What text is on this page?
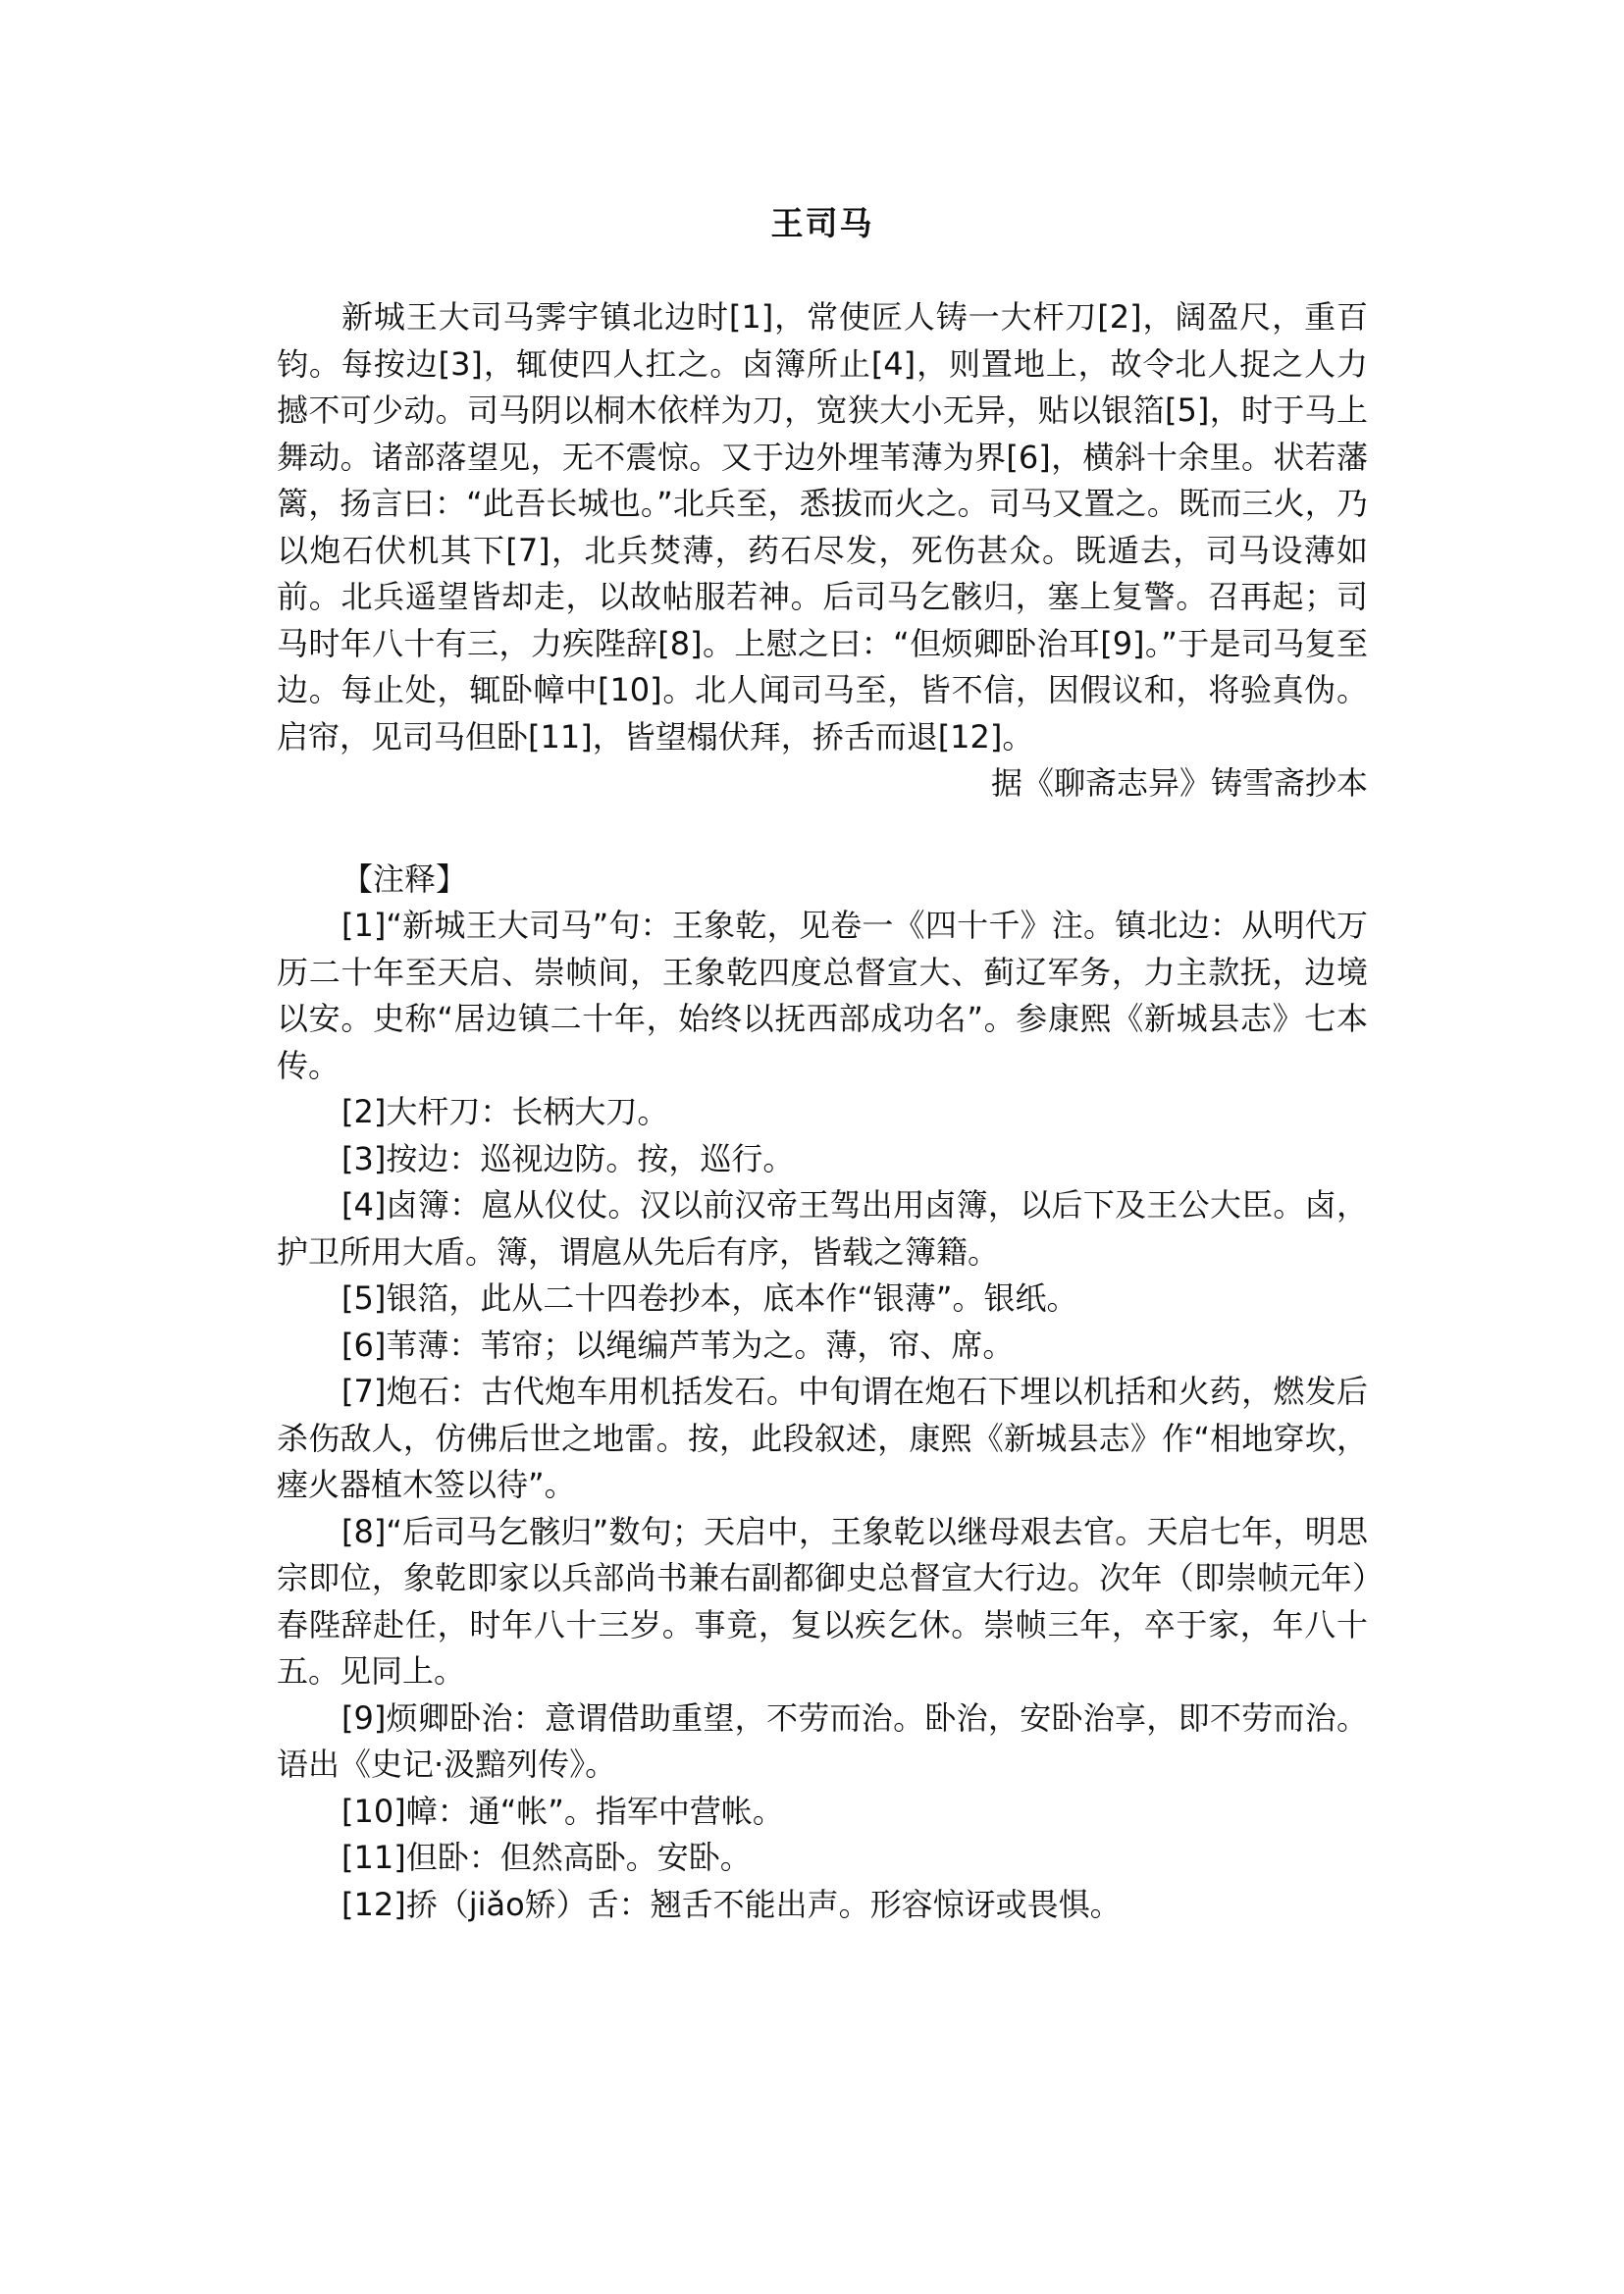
王司马

新城王大司马霁宇镇北边时[1]，常使匠人铸一大杆刀[2]，阔盈尺，重百钧。每按边[3]，辄使四人扛之。卤簿所止[4]，则置地上，故令北人捉之人力撼不可少动。司马阴以桐木依样为刀，宽狭大小无异，贴以银箔[5]，时于马上舞动。诸部落望见，无不震惊。又于边外埋苇薄为界[6]，横斜十余里。状若藩篱，扬言曰：“此吾长城也。”北兵至，悉拔而火之。司马又置之。既而三火，乃以炮石伏机其下[7]，北兵焚薄，药石尽发，死伤甚众。既遁去，司马设薄如前。北兵遥望皆却走，以故帖服若神。后司马乞骸归，塞上复警。召再起；司马时年八十有三，力疾陛辞[8]。上慰之曰：“但烦卿卧治耳[9]。”于是司马复至边。每止处，辄卧幛中[10]。北人闻司马至，皆不信，因假议和，将验真伪。启帘，见司马但卧[11]，皆望榻伏拜，挢舌而退[12]。

据《聊斋志异》铸雪斋抄本

【注释】

[1]“新城王大司马”句：王象乾，见卷一《四十千》注。镇北边：从明代万历二十年至天启、崇帧间，王象乾四度总督宣大、蓟辽军务，力主款抚，边境以安。史称“居边镇二十年，始终以抚西部成功名”。参康熙《新城县志》七本传。

[2]大杆刀：长柄大刀。

[3]按边：巡视边防。按，巡行。

[4]卤簿：扈从仪仗。汉以前汉帝王驾出用卤簿，以后下及王公大臣。卤，护卫所用大盾。簿，谓扈从先后有序，皆载之簿籍。

[5]银箔，此从二十四卷抄本，底本作“银薄”。银纸。

[6]苇薄：苇帘；以绳编芦苇为之。薄，帘、席。

[7]炮石：古代炮车用机括发石。中旬谓在炮石下埋以机括和火药，燃发后杀伤敌人，仿佛后世之地雷。按，此段叙述，康熙《新城县志》作“相地穿坎，瘗火器植木签以待”。

[8]“后司马乞骸归”数句；天启中，王象乾以继母艰去官。天启七年，明思宗即位，象乾即家以兵部尚书兼右副都御史总督宣大行边。次年（即崇帧元年）春陛辞赴任，时年八十三岁。事竟，复以疾乞休。崇帧三年，卒于家，年八十五。见同上。

[9]烦卿卧治：意谓借助重望，不劳而治。卧治，安卧治享，即不劳而治。语出《史记·汲黯列传》。

[10]幛：通“帐”。指军中营帐。

[11]但卧：但然高卧。安卧。

[12]挢（jiǎo矫）舌：翘舌不能出声。形容惊讶或畏惧。
